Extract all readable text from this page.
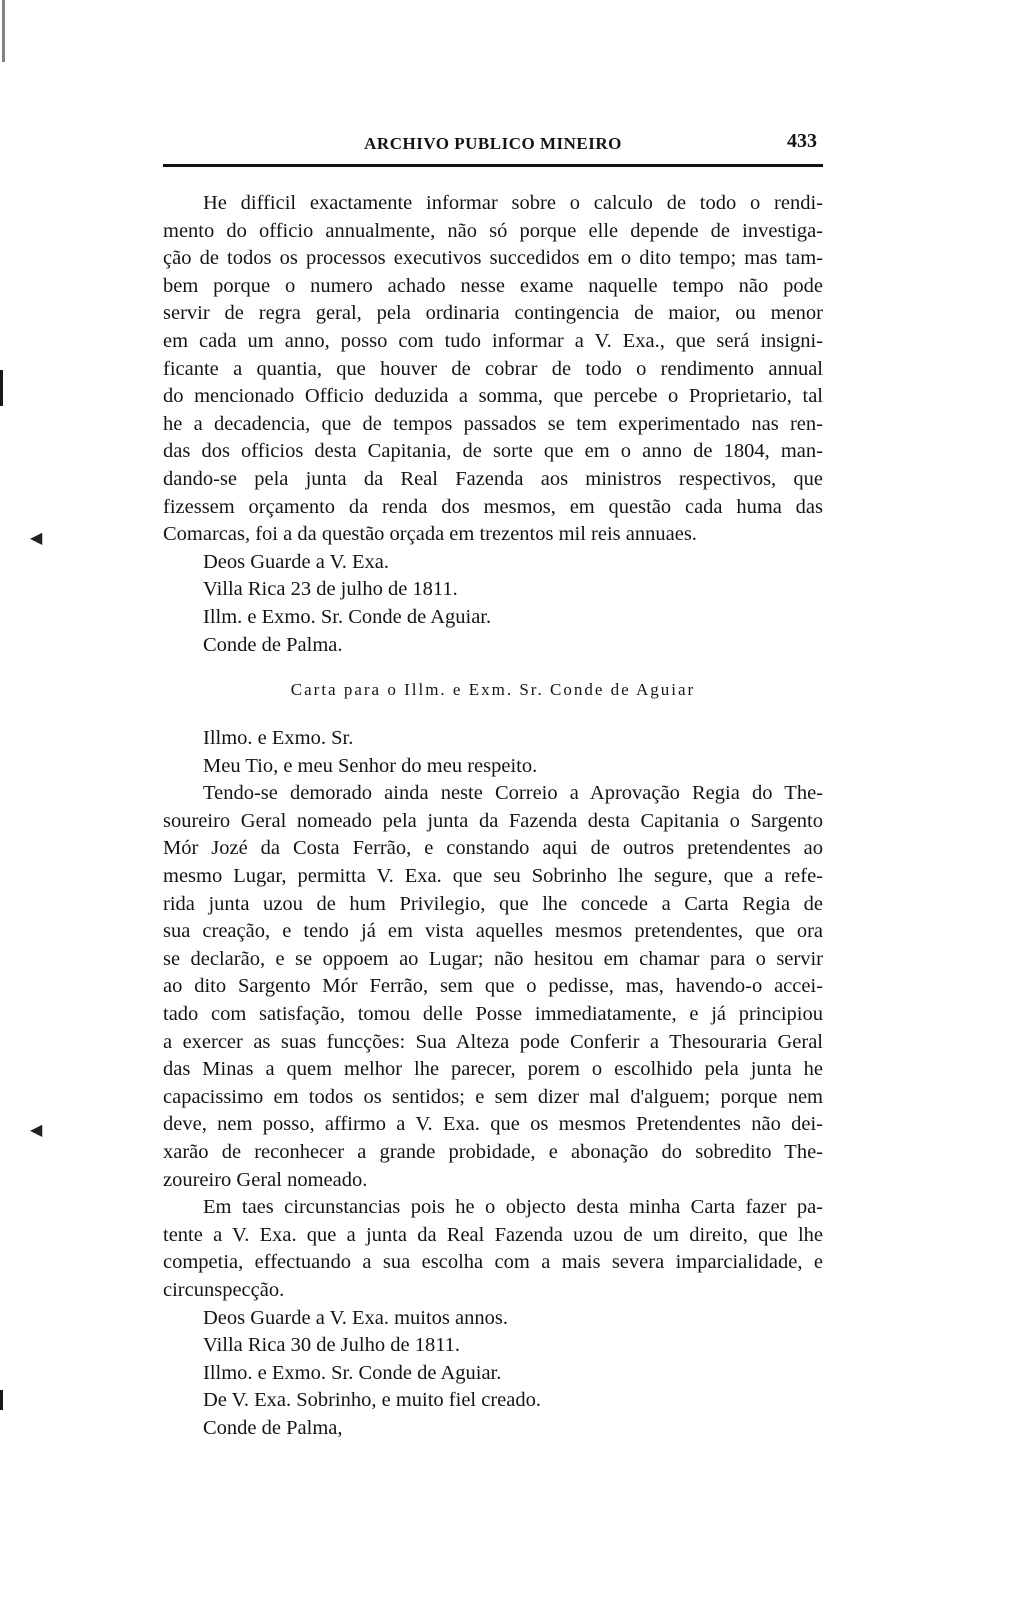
◀
◀
ARCHIVO PUBLICO MINEIRO	433
He difficil exactamente informar sobre o calculo de todo o rendi-
mento do officio annualmente, não só porque elle depende de investiga-
ção de todos os processos executivos succedidos em o dito tempo; mas tam-
bem porque o numero achado nesse exame naquelle tempo não pode
servir de regra geral, pela ordinaria contingencia de maior, ou menor
em cada um anno, posso com tudo informar a V. Exa., que será insigni-
ficante a quantia, que houver de cobrar de todo o rendimento annual
do mencionado Officio deduzida a somma, que percebe o Proprietario, tal
he a decadencia, que de tempos passados se tem experimentado nas ren-
das dos officios desta Capitania, de sorte que em o anno de 1804, man-
dando-se pela junta da Real Fazenda aos ministros respectivos, que
fizessem orçamento da renda dos mesmos, em questão cada huma das
Comarcas, foi a da questão orçada em trezentos mil reis annuaes.
Deos Guarde a V. Exa.
Villa Rica 23 de julho de 1811.
Illm. e Exmo. Sr. Conde de Aguiar.
Conde de Palma.
Carta para o Illm. e Exm. Sr. Conde de Aguiar
Illmo. e Exmo. Sr.
Meu Tio, e meu Senhor do meu respeito.
Tendo-se demorado ainda neste Correio a Aprovação Regia do The-
soureiro Geral nomeado pela junta da Fazenda desta Capitania o Sargento
Mór Jozé da Costa Ferrão, e constando aqui de outros pretendentes ao
mesmo Lugar, permitta V. Exa. que seu Sobrinho lhe segure, que a refe-
rida junta uzou de hum Privilegio, que lhe concede a Carta Regia de
sua creação, e tendo já em vista aquelles mesmos pretendentes, que ora
se declarão, e se oppoem ao Lugar; não hesitou em chamar para o servir
ao dito Sargento Mór Ferrão, sem que o pedisse, mas, havendo-o accei-
tado com satisfação, tomou delle Posse immediatamente, e já principiou
a exercer as suas funcções: Sua Alteza pode Conferir a Thesouraria Geral
das Minas a quem melhor lhe parecer, porem o escolhido pela junta he
capacissimo em todos os sentidos; e sem dizer mal d'alguem; porque nem
deve, nem posso, affirmo a V. Exa. que os mesmos Pretendentes não dei-
xarão de reconhecer a grande probidade, e abonação do sobredito The-
zoureiro Geral nomeado.
Em taes circunstancias pois he o objecto desta minha Carta fazer pa-
tente a V. Exa. que a junta da Real Fazenda uzou de um direito, que lhe
competia, effectuando a sua escolha com a mais severa imparcialidade, e
circunspecção.
Deos Guarde a V. Exa. muitos annos.
Villa Rica 30 de Julho de 1811.
Illmo. e Exmo. Sr. Conde de Aguiar.
De V. Exa. Sobrinho, e muito fiel creado.
Conde de Palma,
